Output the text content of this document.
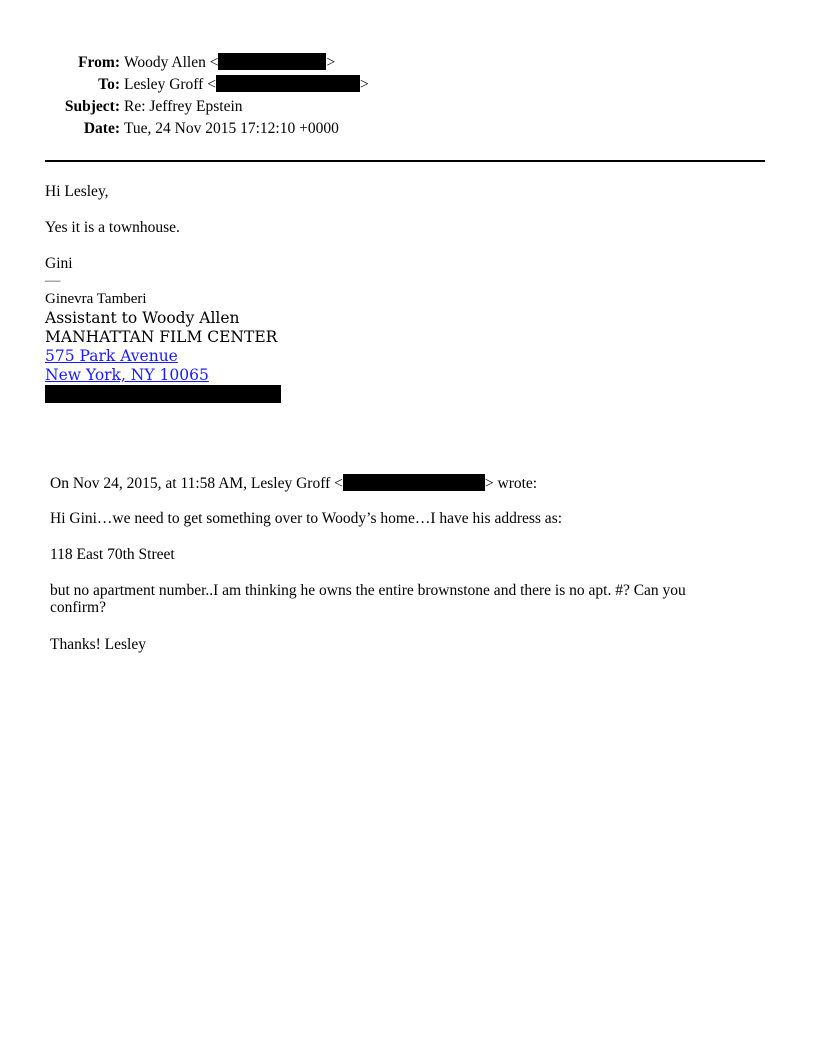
From: Woody Allen <	>
To: Lesley Groff <	>
Subject: Re: Jeffrey Epstein
Date: Tue, 24 Nov 2015 17:12:10 +0000
Hi Lesley,
Yes it is a townhouse.
Gini
—
Ginevra Tamberi
Assistant to Woody Allen
MANHATTAN FILM CENTER
575 Park Avenue
New York, NY 10065
On Nov 24, 2015, at 11:58 AM, Lesley Groff <	> wrote:
Hi Gini…we need to get something over to Woody’s home…I have his address as:
118 East 70th Street
but no apartment number..I am thinking he owns the entire brownstone and there is no apt. #? Can you
confirm?
Thanks! Lesley
